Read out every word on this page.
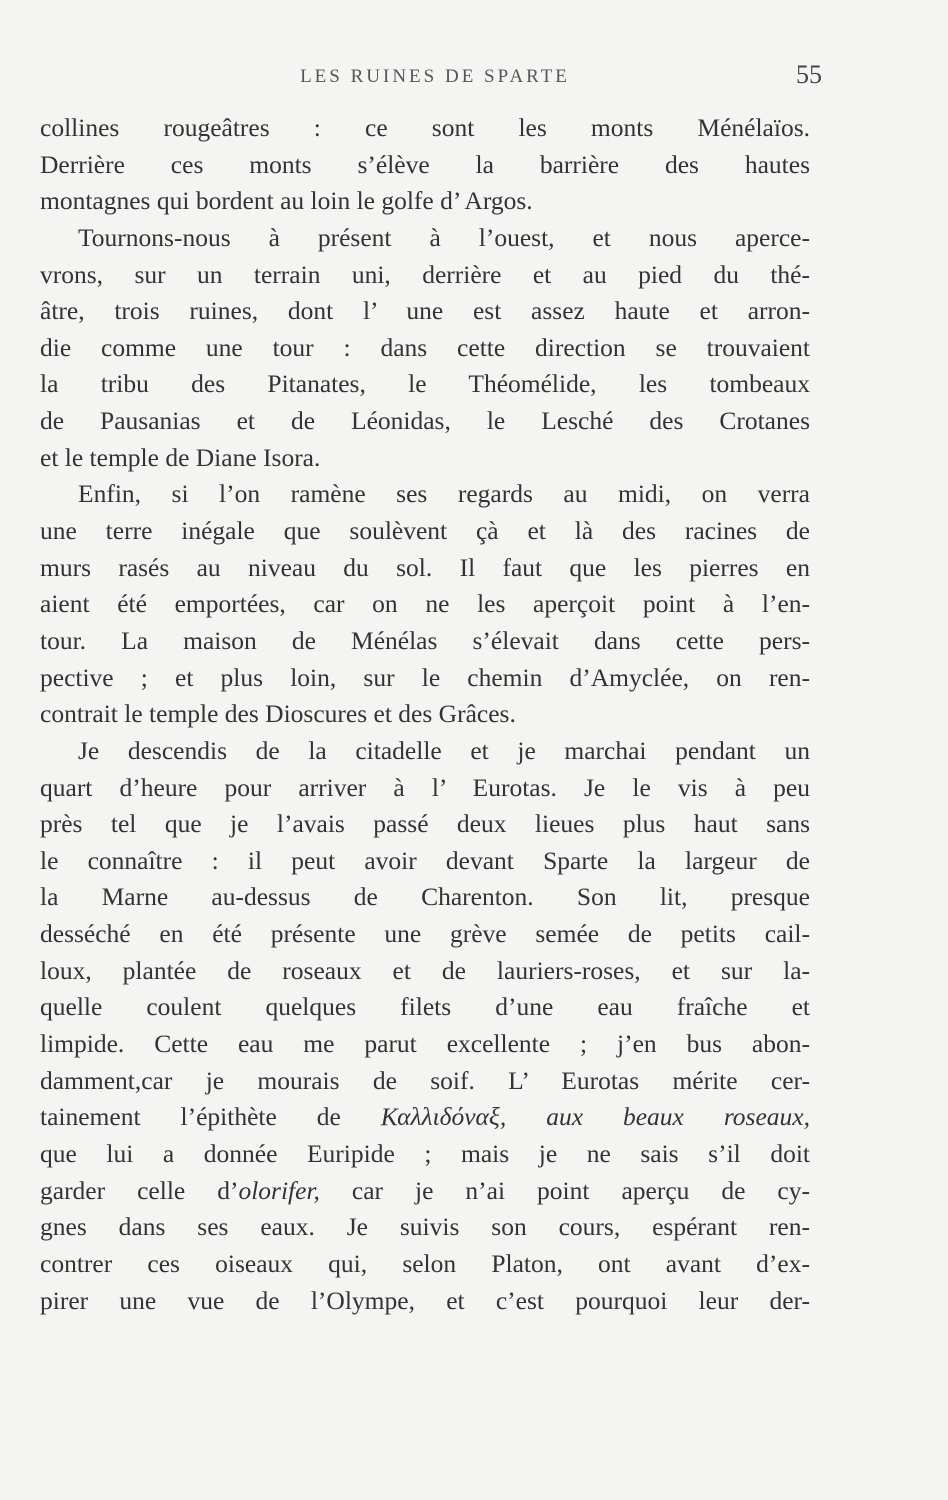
LES RUINES DE SPARTE	55
collines rougeâtres : ce sont les monts Ménélaïos.
Derrière ces monts s’élève la barrière des hautes
montagnes qui bordent au loin le golfe d’ Argos.
Tournons-nous à présent à l’ouest, et nous aperce-
vrons, sur un terrain uni, derrière et au pied du thé-
âtre, trois ruines, dont l’ une est assez haute et arron-
die comme une tour : dans cette direction se trouvaient
la tribu des Pitanates, le Théomélide, les tombeaux
de Pausanias et de Léonidas, le Lesché des Crotanes
et le temple de Diane Isora.
Enfin, si l’on ramène ses regards au midi, on verra
une terre inégale que soulèvent çà et là des racines de
murs rasés au niveau du sol. Il faut que les pierres en
aient été emportées, car on ne les aperçoit point à l’en-
tour. La maison de Ménélas s’élevait dans cette pers-
pective ; et plus loin, sur le chemin d’Amyclée, on ren-
contrait le temple des Dioscures et des Grâces.
Je descendis de la citadelle et je marchai pendant un
quart d’heure pour arriver à l’ Eurotas. Je le vis à peu
près tel que je l’avais passé deux lieues plus haut sans
le connaître : il peut avoir devant Sparte la largeur de
la Marne au-dessus de Charenton. Son lit, presque
desséché en été présente une grève semée de petits cail-
loux, plantée de roseaux et de lauriers-roses, et sur la-
quelle coulent quelques filets d’une eau fraîche et
limpide. Cette eau me parut excellente ; j’en bus abon-
damment,car je mourais de soif. L’ Eurotas mérite cer-
tainement l’épithète de Καλλιδόναξ, aux beaux roseaux,
que lui a donnée Euripide ; mais je ne sais s’il doit
garder celle d’olorifer, car je n’ai point aperçu de cy-
gnes dans ses eaux. Je suivis son cours, espérant ren-
contrer ces oiseaux qui, selon Platon, ont avant d’ex-
pirer une vue de l’Olympe, et c’est pourquoi leur der-
